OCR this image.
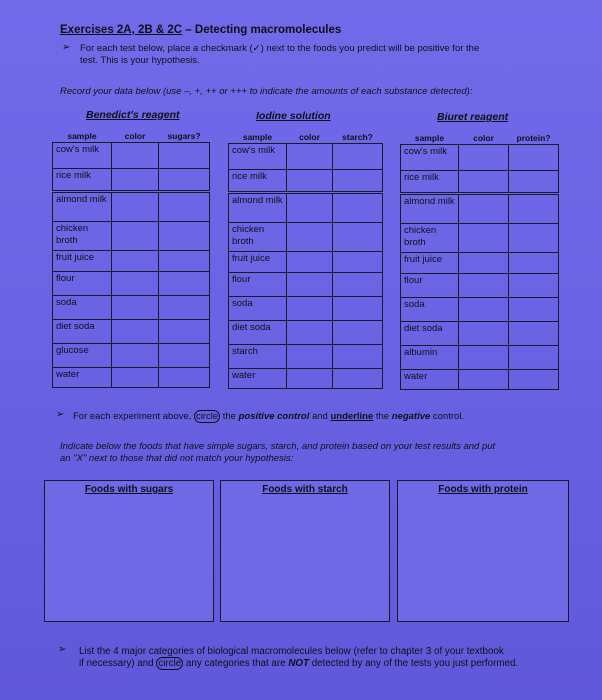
Exercises 2A, 2B & 2C – Detecting macromolecules
➢ For each test below, place a checkmark (✓) next to the foods you predict will be positive for the
test. This is your hypothesis.
Record your data below (use –, +, ++ or +++ to indicate the amounts of each substance detected):
Benedict's reagent	Iodine solution	Biuret reagent
sample	color	sugars?
cow's milk		
rice milk		

almond milk		
chicken broth		
fruit juice		
flour		
soda		
diet soda		
glucose		
water		
sample	color	starch?
cow's milk		
rice milk		

almond milk		
chicken broth		
fruit juice		
flour		
soda		
diet soda		
starch		
water		
sample	color	protein?
cow's milk		
rice milk		

almond milk		
chicken broth		
fruit juice		
flour		
soda		
diet soda		
albumin		
water		
➢ For each experiment above, circle the positive control and underline the negative control.
Indicate below the foods that have simple sugars, starch, and protein based on your test results and put
an "X" next to those that did not match your hypothesis:
Foods with sugars	Foods with starch	Foods with protein
➢ List the 4 major categories of biological macromolecules below (refer to chapter 3 of your textbook
if necessary) and circle any categories that are NOT detected by any of the tests you just performed.
